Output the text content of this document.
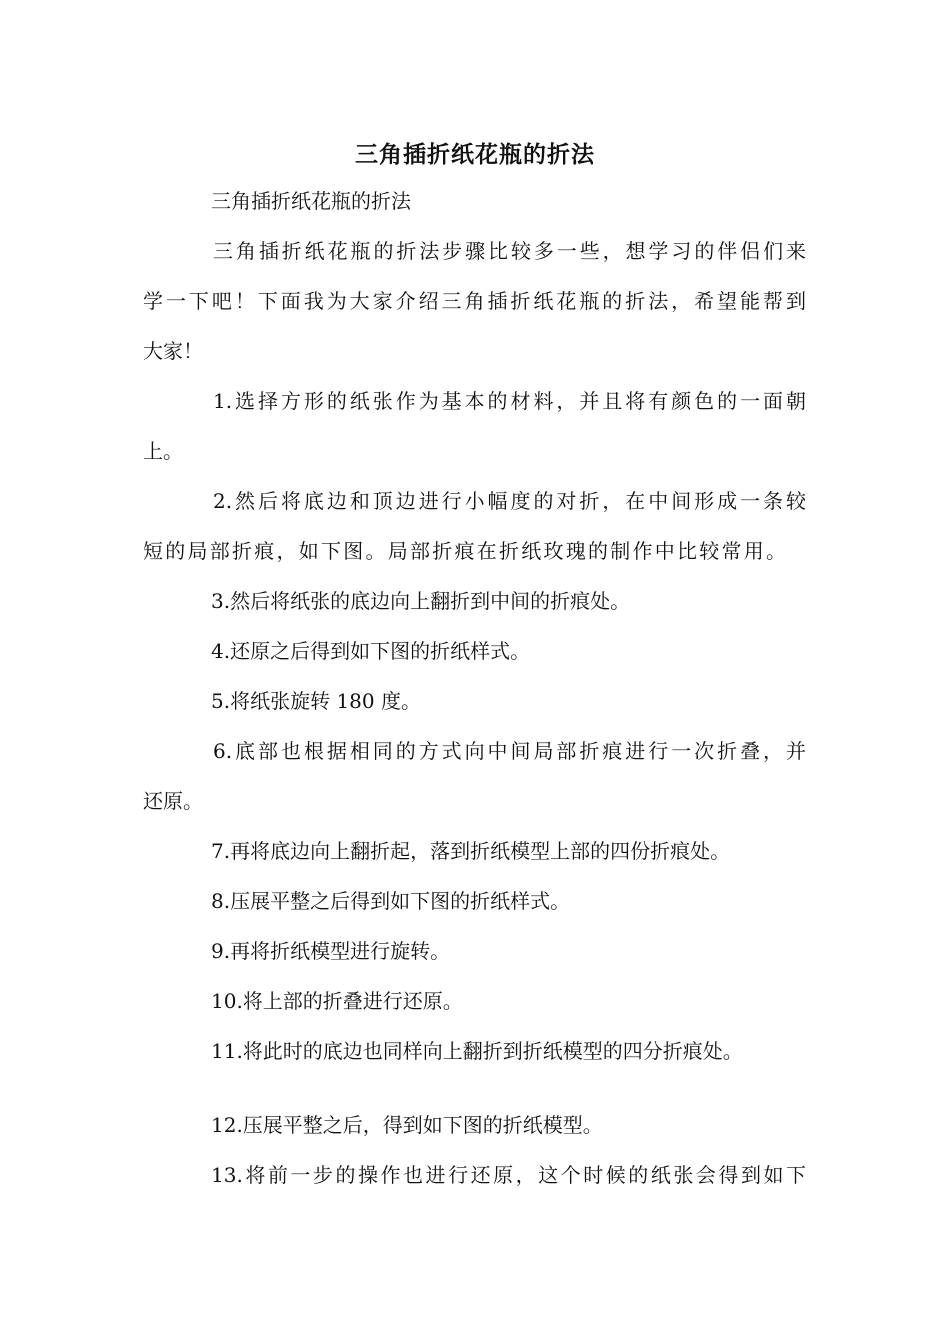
三角插折纸花瓶的折法
三角插折纸花瓶的折法
三角插折纸花瓶的折法步骤比较多一些，想学习的伴侣们来
学一下吧！下面我为大家介绍三角插折纸花瓶的折法，希望能帮到
大家！
1.选择方形的纸张作为基本的材料，并且将有颜色的一面朝
上。
2.然后将底边和顶边进行小幅度的对折，在中间形成一条较
短的局部折痕，如下图。局部折痕在折纸玫瑰的制作中比较常用。
3.然后将纸张的底边向上翻折到中间的折痕处。
4.还原之后得到如下图的折纸样式。
5.将纸张旋转 180 度。
6.底部也根据相同的方式向中间局部折痕进行一次折叠，并
还原。
7.再将底边向上翻折起，落到折纸模型上部的四份折痕处。
8.压展平整之后得到如下图的折纸样式。
9.再将折纸模型进行旋转。
10.将上部的折叠进行还原。
11.将此时的底边也同样向上翻折到折纸模型的四分折痕处。
12.压展平整之后，得到如下图的折纸模型。
13.将前一步的操作也进行还原，这个时候的纸张会得到如下
